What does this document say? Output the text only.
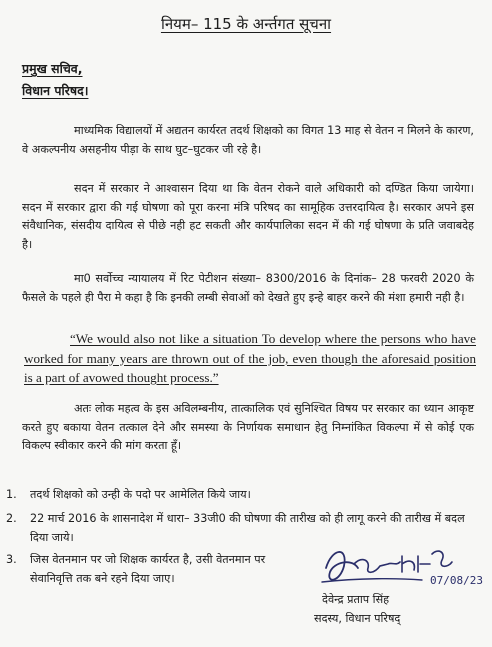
नियम– 115 के अर्न्तगत सूचना
प्रमुख सचिव,
विधान परिषद।

माध्यमिक विद्यालयों में अद्यतन कार्यरत तदर्थ शिक्षको का विगत 13 माह से वेतन न मिलने के कारण, वे अकल्पनीय असहनीय पीड़ा के साथ घुट–घुटकर जी रहे है।

सदन में सरकार ने आश्वासन दिया था कि वेतन रोकने वाले अधिकारी को दण्डित किया जायेगा। सदन में सरकार द्वारा की गई घोषणा को पूरा करना मंत्रि परिषद का सामूहिक उत्तरदायित्व है। सरकार अपने इस संवैधानिक, संसदीय दायित्व से पीछे नही हट सकती और कार्यपालिका सदन में की गई घोषणा के प्रति जवाबदेह है।

मा0 सर्वोच्च न्यायालय में रिट पेटीशन संख्या– 8300/2016 के दिनांक– 28 फरवरी 2020 के फैसले के पहले ही पैरा मे कहा है कि इनकी लम्बी सेवाओं को देखते हुए इन्हे बाहर करने की मंशा हमारी नही है।

“We would also not like a situation To develop where the persons who have worked for many years are thrown out of the job, even though the aforesaid position is a part of avowed thought process.”

अतः लोक महत्व के इस अविलम्बनीय, तात्कालिक एवं सुनिश्चित विषय पर सरकार का ध्यान आकृष्ट करते हुए बकाया वेतन तत्काल देने और समस्या के निर्णायक समाधान हेतु निम्नांकित विकल्पा में से कोई एक विकल्प स्वीकार करने की मांग करता हूँ।

1. तदर्थ शिक्षको को उन्ही के पदो पर आमेलित किये जाय।
2. 22 मार्च 2016 के शासनादेश में धारा– 33जी0 की घोषणा की तारीख को ही लागू करने की तारीख में बदल दिया जाये।
3. जिस वेतनमान पर जो शिक्षक कार्यरत है, उसी वेतनमान पर सेवानिवृत्ति तक बने रहने दिया जाए।	07/08/23
देवेन्द्र प्रताप सिंह
सदस्य, विधान परिषद्
